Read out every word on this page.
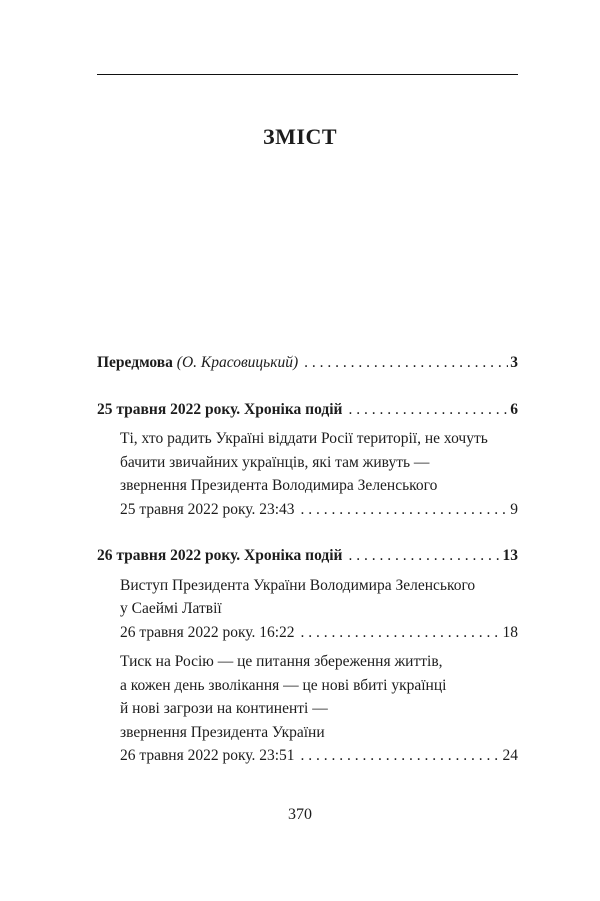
ЗМІСТ
Передмова (О. Красовицький) . . .	3
25 травня 2022 року. Хроніка подій . . .	6
Ті, хто радить Україні віддати Росії території, не хочуть
бачити звичайних українців, які там живуть —
звернення Президента Володимира Зеленського
25 травня 2022 року. 23:43 . . .	9
26 травня 2022 року. Хроніка подій . . .	13
Виступ Президента України Володимира Зеленського
у Саеймі Латвії
26 травня 2022 року. 16:22 . . .	18
Тиск на Росію — це питання збереження життів,
а кожен день зволікання — це нові вбиті українці
й нові загрози на континенті —
звернення Президента України
26 травня 2022 року. 23:51 . . .	24
370
